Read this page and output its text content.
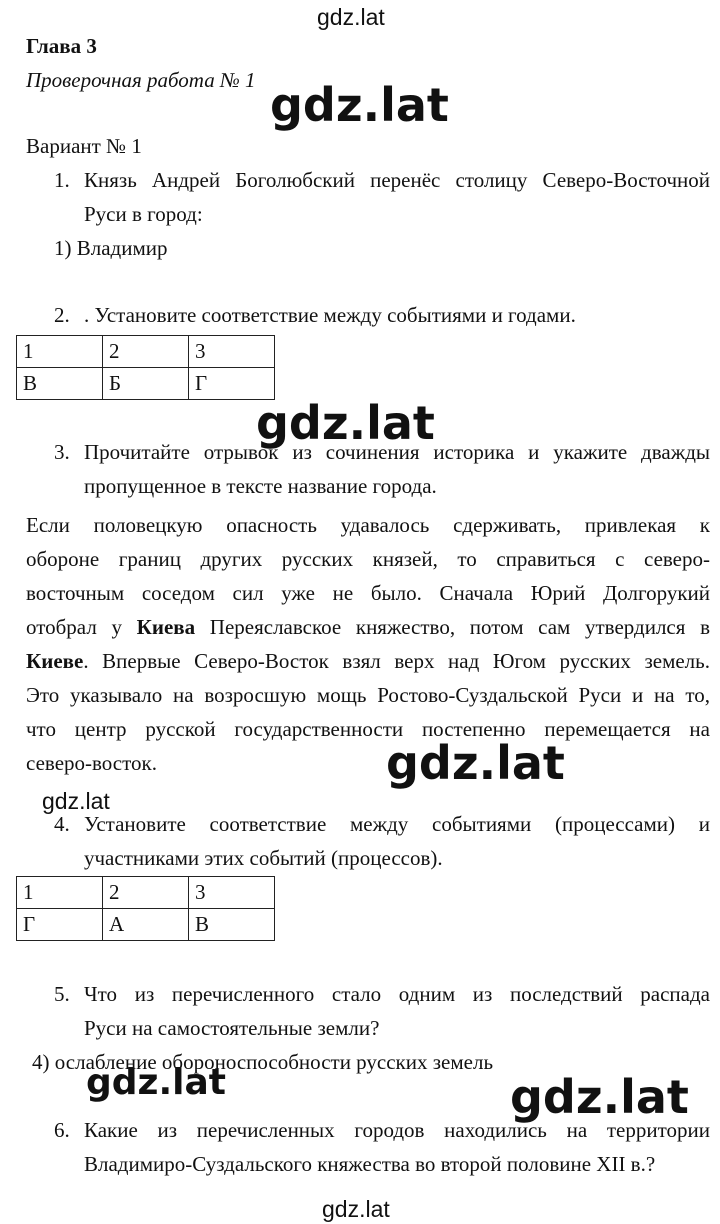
gdz.lat
Глава 3
Проверочная работа № 1 gdz.lat
Вариант № 1
1. Князь Андрей Боголюбский перенёс столицу Северо-Восточной
Руси в город:
1) Владимир
2. . Установите соответствие между событиями и годами.
1	2	3
В	Б	Г
gdz.lat
3. Прочитайте отрывок из сочинения историка и укажите дважды
пропущенное в тексте название города.
Если половецкую опасность удавалось сдерживать, привлекая к
обороне границ других русских князей, то справиться с северо-
восточным соседом сил уже не было. Сначала Юрий Долгорукий
отобрал у Киева Переяславское княжество, потом сам утвердился в
Киеве. Впервые Северо-Восток взял верх над Югом русских земель.
Это указывало на возросшую мощь Ростово-Суздальской Руси и на то,
что центр русской государственности постепенно перемещается на
северо-восток.	gdz.lat
gdz.lat
4. Установите соответствие между событиями (процессами) и
участниками этих событий (процессов).
1	2	3
Г	А	В
5. Что из перечисленного стало одним из последствий распада
Руси на самостоятельные земли?
4) ослабление обороноспособности русских земель
gdz.lat	gdz.lat
6. Какие из перечисленных городов находились на территории
Владимиро-Суздальского княжества во второй половине XII в.?
gdz.lat
